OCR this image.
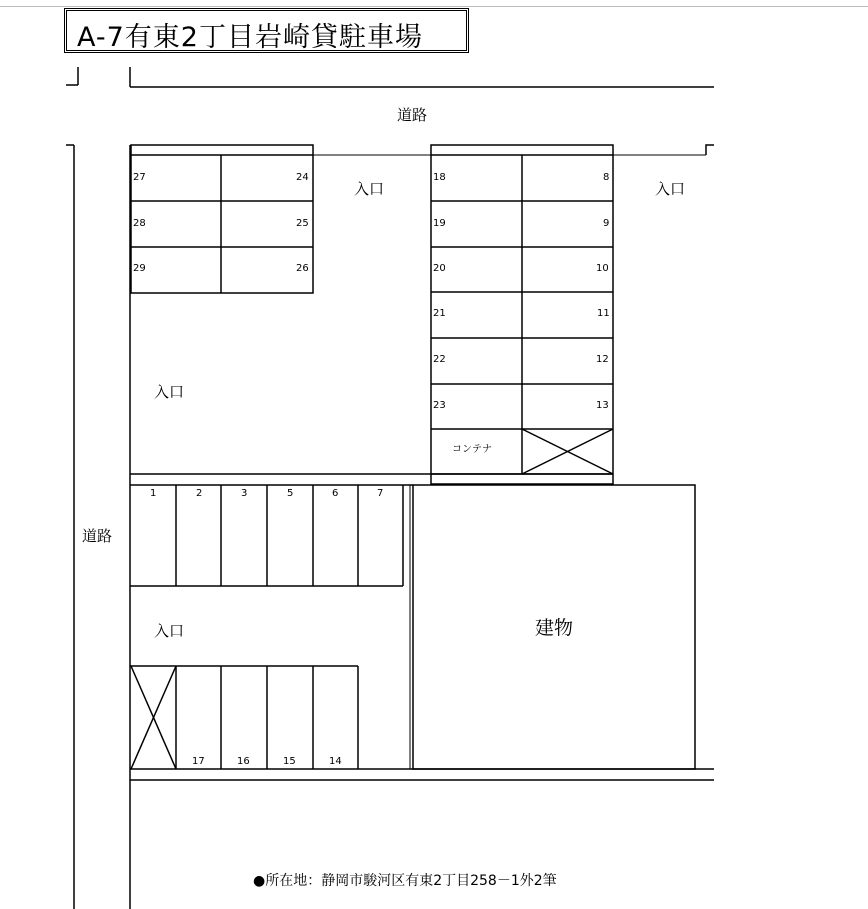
A-7有東2丁目岩崎貸駐車場
道路
道路
入口	入口
入口
入口	建物
コンテナ
27
28
29
24
25
26
18
19
20
21
22
23
8
9
10
11
12
13
1	2	3	5	6	7
17	16	15	14
●所在地：静岡市駿河区有東2丁目258－1外2筆
